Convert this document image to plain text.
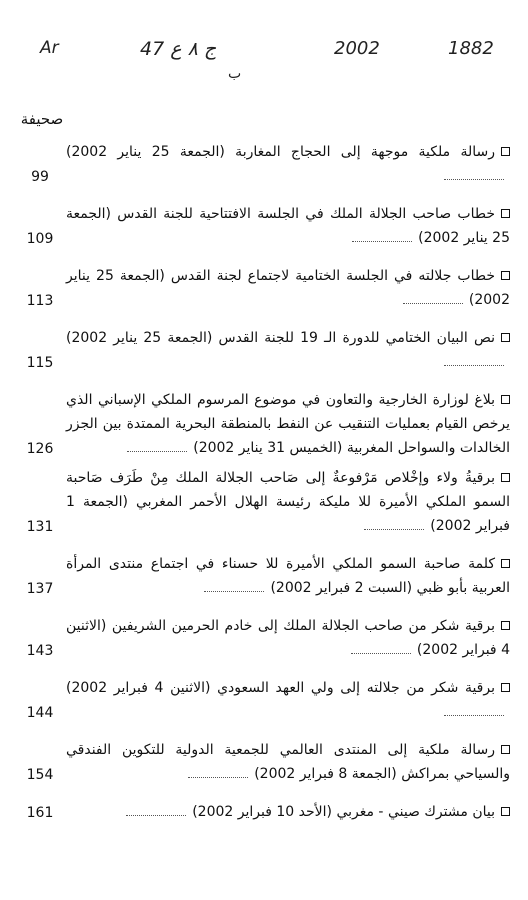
Ar	ج ٨ ع 47	2002	1882
ب
صحيفة
99
رسالة ملكية موجهة إلى الحجاج المغاربة (الجمعة 25 يناير 2002)
109
خطاب صاحب الجلالة الملك في الجلسة الافتتاحية للجنة القدس (الجمعة 25 يناير 2002)
113
خطاب جلالته في الجلسة الختامية لاجتماع لجنة القدس (الجمعة 25 يناير 2002)
115
نص البيان الختامي للدورة الـ 19 للجنة القدس (الجمعة 25 يناير 2002)
126
بلاغ لوزارة الخارجية والتعاون في موضوع المرسوم الملكي الإسباني الذي يرخص القيام بعمليات التنقيب عن النفط بالمنطقة البحرية الممتدة بين الجزر الخالدات والسواحل المغربية (الخميس 31 يناير 2002)
131
برقيةُ ولاء وإخْلاص مَرْفوعةٌ إلى صَاحب الجلالة الملك مِنْ طَرَف صَاحبة السمو الملكي الأميرة للا مليكة رئيسة الهلال الأحمر المغربي (الجمعة 1 فبراير 2002)
137
كلمة صاحبة السمو الملكي الأميرة للا حسناء في اجتماع منتدى المرأة العربية بأبو ظبي (السبت 2 فبراير 2002)
143
برقية شكر من صاحب الجلالة الملك إلى خادم الحرمين الشريفين (الاثنين 4 فبراير 2002)
144
برقية شكر من جلالته إلى ولي العهد السعودي (الاثنين 4 فبراير 2002)
154
رسالة ملكية إلى المنتدى العالمي للجمعية الدولية للتكوين الفندقي والسياحي بمراكش (الجمعة 8 فبراير 2002)
161	بيان مشترك صيني - مغربي (الأحد 10 فبراير 2002)
